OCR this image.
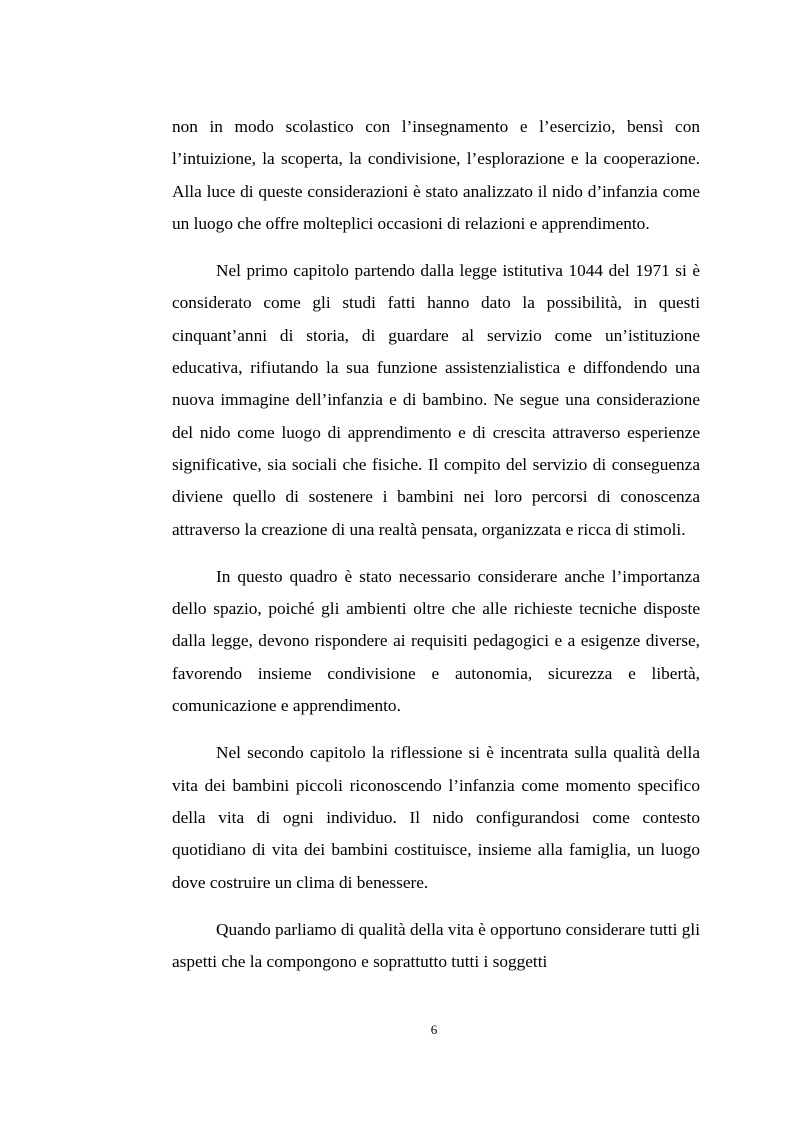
non in modo scolastico con l’insegnamento e l’esercizio, bensì con l’intuizione, la scoperta, la condivisione, l’esplorazione e la cooperazione. Alla luce di queste considerazioni è stato analizzato il nido d’infanzia come un luogo che offre molteplici occasioni di relazioni e apprendimento.

Nel primo capitolo partendo dalla legge istitutiva 1044 del 1971 si è considerato come gli studi fatti hanno dato la possibilità, in questi cinquant’anni di storia, di guardare al servizio come un’istituzione educativa, rifiutando la sua funzione assistenzialistica e diffondendo una nuova immagine dell’infanzia e di bambino. Ne segue una considerazione del nido come luogo di apprendimento e di crescita attraverso esperienze significative, sia sociali che fisiche. Il compito del servizio di conseguenza diviene quello di sostenere i bambini nei loro percorsi di conoscenza attraverso la creazione di una realtà pensata, organizzata e ricca di stimoli.

In questo quadro è stato necessario considerare anche l’importanza dello spazio, poiché gli ambienti oltre che alle richieste tecniche disposte dalla legge, devono rispondere ai requisiti pedagogici e a esigenze diverse, favorendo insieme condivisione e autonomia, sicurezza e libertà, comunicazione e apprendimento.

Nel secondo capitolo la riflessione si è incentrata sulla qualità della vita dei bambini piccoli riconoscendo l’infanzia come momento specifico della vita di ogni individuo. Il nido configurandosi come contesto quotidiano di vita dei bambini costituisce, insieme alla famiglia, un luogo dove costruire un clima di benessere.

Quando parliamo di qualità della vita è opportuno considerare tutti gli aspetti che la compongono e soprattutto tutti i soggetti

6
